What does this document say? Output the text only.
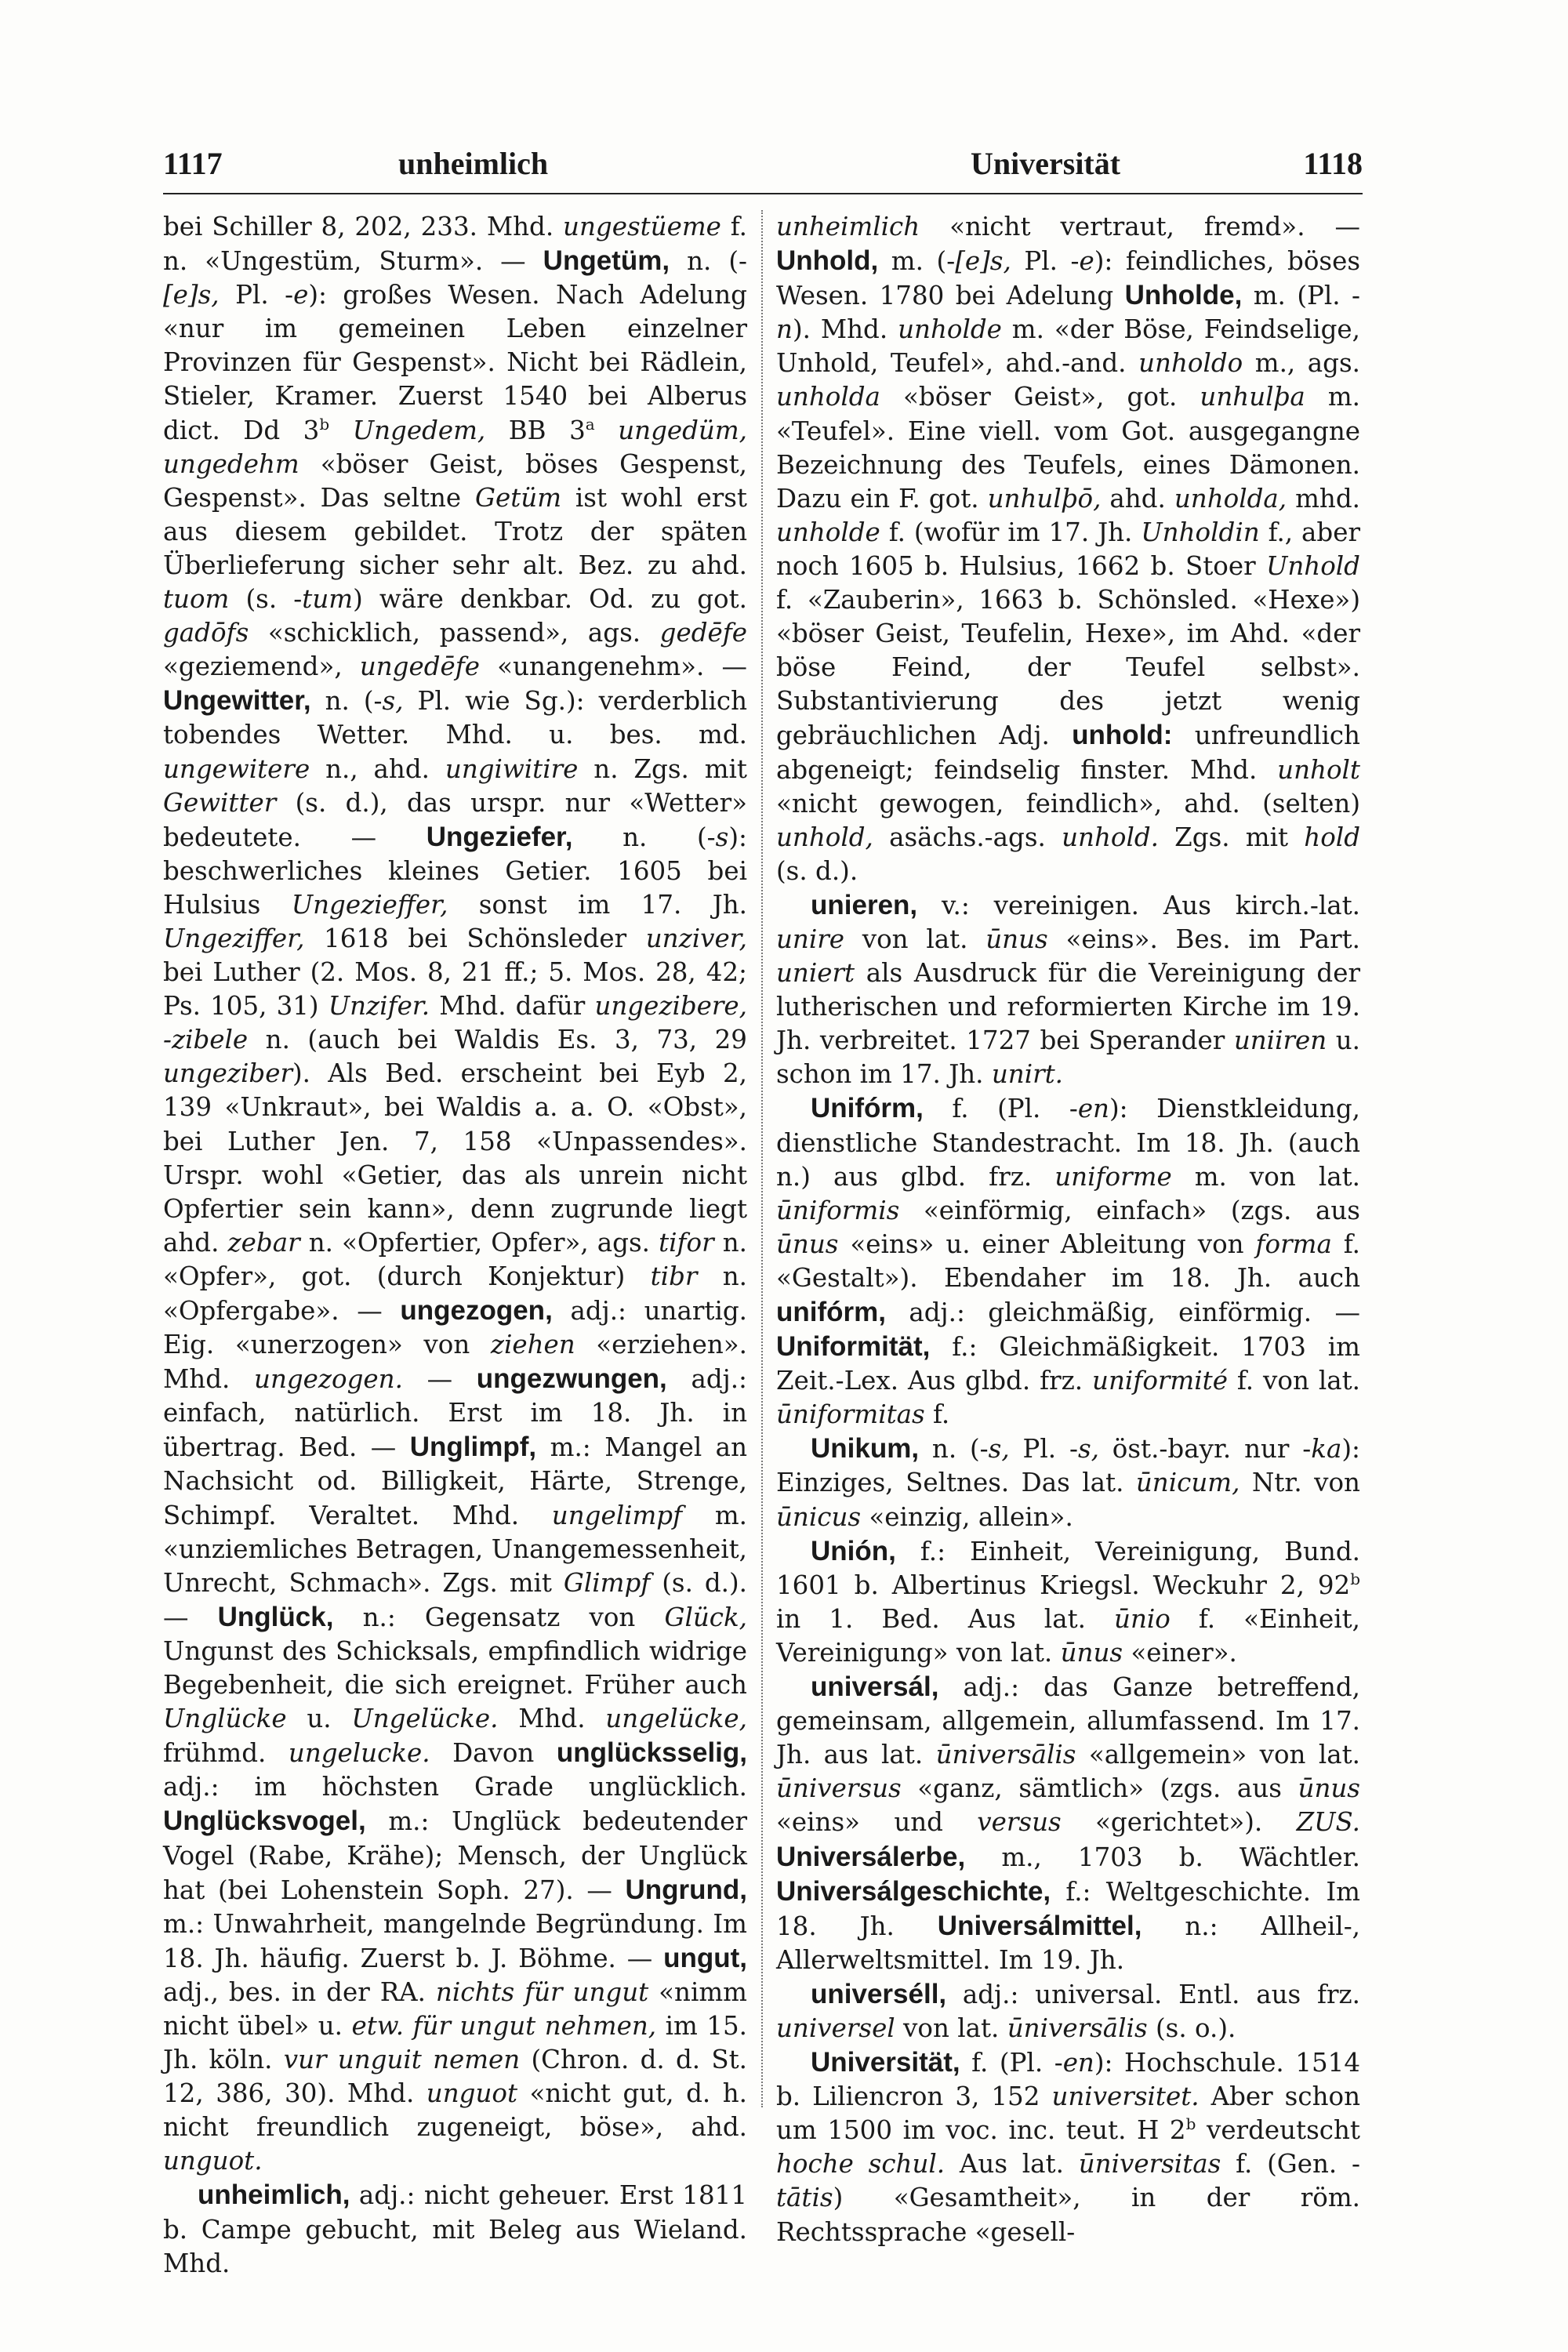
1117	unheimlich	Universität	1118

bei Schiller 8, 202, 233. Mhd. ungestüeme f. n. «Ungestüm, Sturm». — Ungetüm, n. (-[e]s, Pl. -e): großes Wesen. Nach Adelung «nur im gemeinen Leben einzelner Provinzen für Gespenst». Nicht bei Rädlein, Stieler, Kramer. Zuerst 1540 bei Alberus dict. Dd 3$^b$ Ungedem, BB 3$^a$ ungedüm, ungedehm «böser Geist, böses Gespenst, Gespenst». Das seltne Getüm ist wohl erst aus diesem gebildet. Trotz der späten Überlieferung sicher sehr alt. Bez. zu ahd. tuom (s. -tum) wäre denkbar. Od. zu got. gadōfs «schicklich, passend», ags. gedēfe «geziemend», ungedēfe «unangenehm». — Ungewitter, n. (-s, Pl. wie Sg.): verderblich tobendes Wetter. Mhd. u. bes. md. ungewitere n., ahd. ungiwitire n. Zgs. mit Gewitter (s. d.), das urspr. nur «Wetter» bedeutete. — Ungeziefer, n. (-s): beschwerliches kleines Getier. 1605 bei Hulsius Ungezieffer, sonst im 17. Jh. Ungeziffer, 1618 bei Schönsleder unziver, bei Luther (2. Mos. 8, 21 ff.; 5. Mos. 28, 42; Ps. 105, 31) Unzifer. Mhd. dafür ungezibere, -zibele n. (auch bei Waldis Es. 3, 73, 29 ungeziber). Als Bed. erscheint bei Eyb 2, 139 «Unkraut», bei Waldis a. a. O. «Obst», bei Luther Jen. 7, 158 «Unpassendes». Urspr. wohl «Getier, das als unrein nicht Opfertier sein kann», denn zugrunde liegt ahd. zebar n. «Opfertier, Opfer», ags. tifor n. «Opfer», got. (durch Konjektur) tibr n. «Opfergabe». — ungezogen, adj.: unartig. Eig. «unerzogen» von ziehen «erziehen». Mhd. ungezogen. — ungezwungen, adj.: einfach, natürlich. Erst im 18. Jh. in übertrag. Bed. — Unglimpf, m.: Mangel an Nachsicht od. Billigkeit, Härte, Strenge, Schimpf. Veraltet. Mhd. ungelimpf m. «unziemliches Betragen, Unangemessenheit, Unrecht, Schmach». Zgs. mit Glimpf (s. d.). — Unglück, n.: Gegensatz von Glück, Ungunst des Schicksals, empfindlich widrige Begebenheit, die sich ereignet. Früher auch Unglücke u. Ungelücke. Mhd. ungelücke, frühmd. ungelucke. Davon unglücksselig, adj.: im höchsten Grade unglücklich. Unglücksvogel, m.: Unglück bedeutender Vogel (Rabe, Krähe); Mensch, der Unglück hat (bei Lohenstein Soph. 27). — Ungrund, m.: Unwahrheit, mangelnde Begründung. Im 18. Jh. häufig. Zuerst b. J. Böhme. — ungut, adj., bes. in der RA. nichts für ungut «nimm nicht übel» u. etw. für ungut nehmen, im 15. Jh. köln. vur unguit nemen (Chron. d. d. St. 12, 386, 30). Mhd. unguot «nicht gut, d. h. nicht freundlich zugeneigt, böse», ahd. unguot.

unheimlich, adj.: nicht geheuer. Erst 1811 b. Campe gebucht, mit Beleg aus Wieland. Mhd.

unheimlich «nicht vertraut, fremd». — Unhold, m. (-[e]s, Pl. -e): feindliches, böses Wesen. 1780 bei Adelung Unholde, m. (Pl. -n). Mhd. unholde m. «der Böse, Feindselige, Unhold, Teufel», ahd.-and. unholdo m., ags. unholda «böser Geist», got. unhulþa m. «Teufel». Eine viell. vom Got. ausgegangne Bezeichnung des Teufels, eines Dämonen. Dazu ein F. got. unhulþō, ahd. unholda, mhd. unholde f. (wofür im 17. Jh. Unholdin f., aber noch 1605 b. Hulsius, 1662 b. Stoer Unhold f. «Zauberin», 1663 b. Schönsled. «Hexe») «böser Geist, Teufelin, Hexe», im Ahd. «der böse Feind, der Teufel selbst». Substantivierung des jetzt wenig gebräuchlichen Adj. unhold: unfreundlich abgeneigt; feindselig finster. Mhd. unholt «nicht gewogen, feindlich», ahd. (selten) unhold, asächs.-ags. unhold. Zgs. mit hold (s. d.).

unieren, v.: vereinigen. Aus kirch.-lat. unire von lat. ūnus «eins». Bes. im Part. uniert als Ausdruck für die Vereinigung der lutherischen und reformierten Kirche im 19. Jh. verbreitet. 1727 bei Sperander uniiren u. schon im 17. Jh. unirt.

Unifórm, f. (Pl. -en): Dienstkleidung, dienstliche Standestracht. Im 18. Jh. (auch n.) aus glbd. frz. uniforme m. von lat. ūniformis «einförmig, einfach» (zgs. aus ūnus «eins» u. einer Ableitung von forma f. «Gestalt»). Ebendaher im 18. Jh. auch unifórm, adj.: gleichmäßig, einförmig. — Uniformität, f.: Gleichmäßigkeit. 1703 im Zeit.-Lex. Aus glbd. frz. uniformité f. von lat. ūniformitas f.

Unikum, n. (-s, Pl. -s, öst.-bayr. nur -ka): Einziges, Seltnes. Das lat. ūnicum, Ntr. von ūnicus «einzig, allein».

Unión, f.: Einheit, Vereinigung, Bund. 1601 b. Albertinus Kriegsl. Weckuhr 2, 92$^b$ in 1. Bed. Aus lat. ūnio f. «Einheit, Vereinigung» von lat. ūnus «einer».

universál, adj.: das Ganze betreffend, gemeinsam, allgemein, allumfassend. Im 17. Jh. aus lat. ūniversālis «allgemein» von lat. ūniversus «ganz, sämtlich» (zgs. aus ūnus «eins» und versus «gerichtet»). ZUS. Universálerbe, m., 1703 b. Wächtler. Universálgeschichte, f.: Weltgeschichte. Im 18. Jh. Universálmittel, n.: Allheil-, Allerweltsmittel. Im 19. Jh.

universéll, adj.: universal. Entl. aus frz. universel von lat. ūniversālis (s. o.).

Universität, f. (Pl. -en): Hochschule. 1514 b. Liliencron 3, 152 universitet. Aber schon um 1500 im voc. inc. teut. H 2$^b$ verdeutscht hoche schul. Aus lat. ūniversitas f. (Gen. -tātis) «Gesamtheit», in der röm. Rechtssprache «gesell-
